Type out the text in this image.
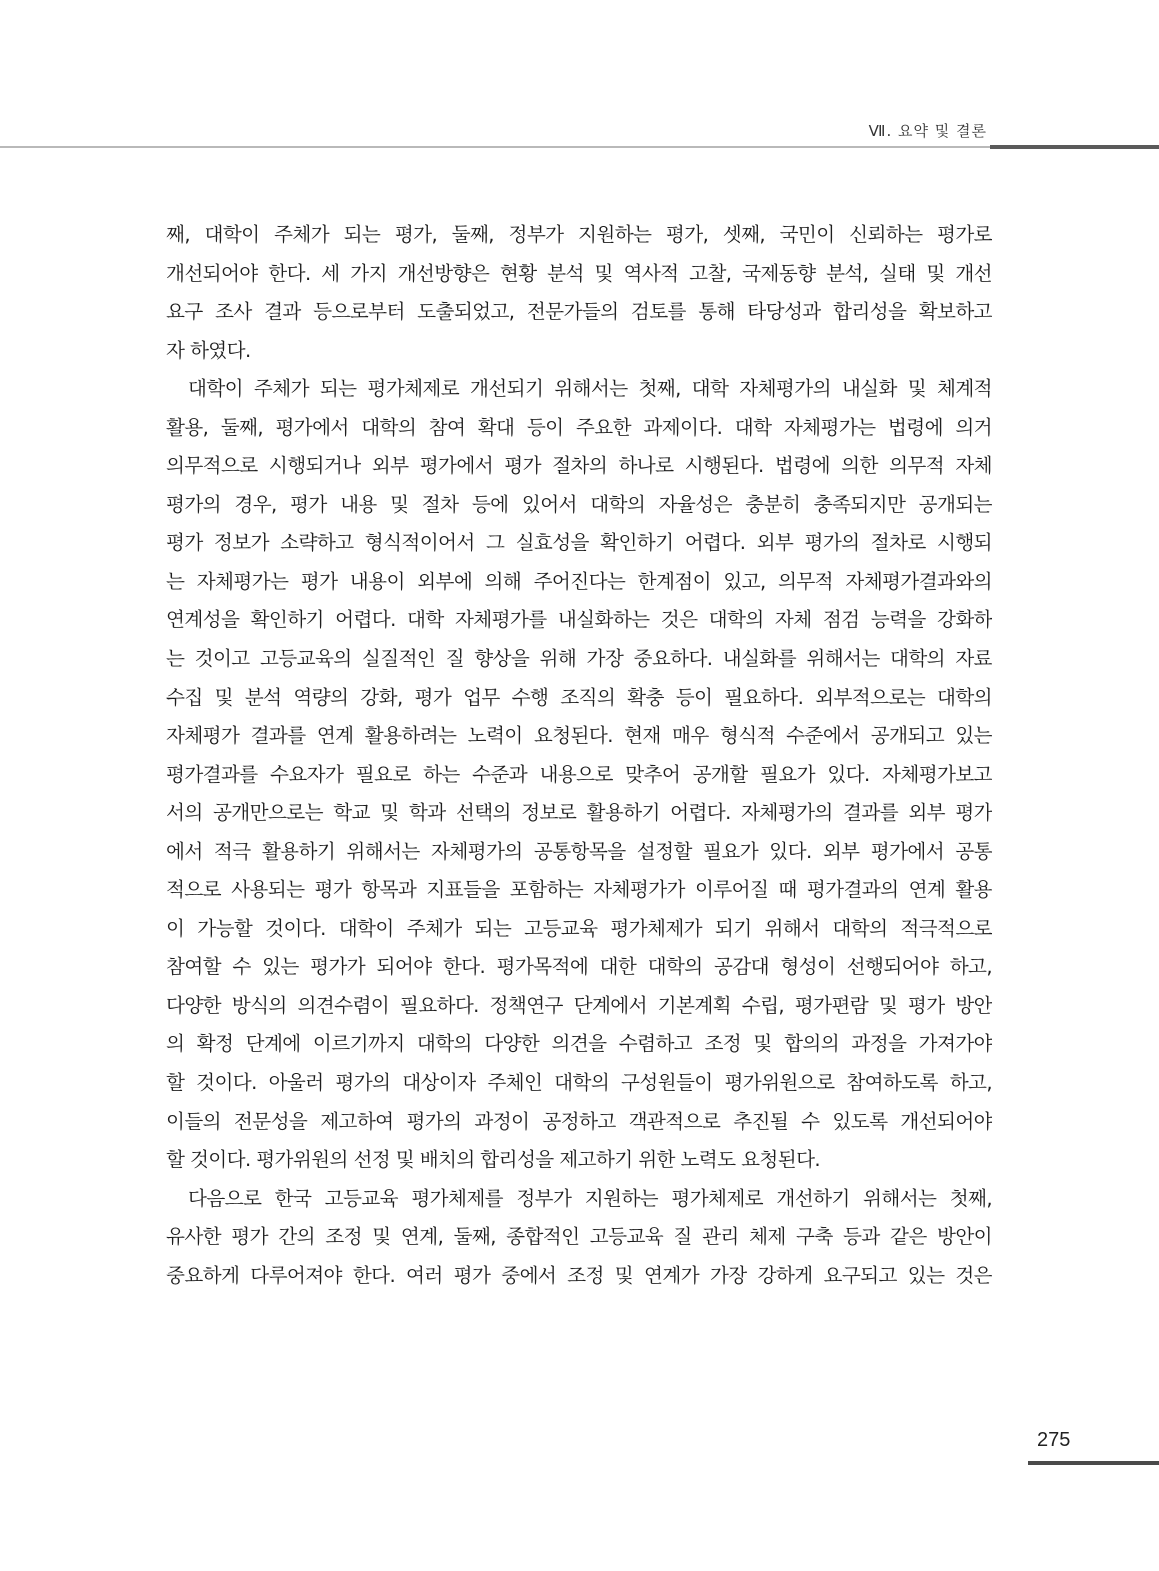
Ⅶ. 요약 및 결론
째, 대학이 주체가 되는 평가, 둘째, 정부가 지원하는 평가, 셋째, 국민이 신뢰하는 평가로
개선되어야 한다. 세 가지 개선방향은 현황 분석 및 역사적 고찰, 국제동향 분석, 실태 및 개선
요구 조사 결과 등으로부터 도출되었고, 전문가들의 검토를 통해 타당성과 합리성을 확보하고
자 하였다.
대학이 주체가 되는 평가체제로 개선되기 위해서는 첫째, 대학 자체평가의 내실화 및 체계적
활용, 둘째, 평가에서 대학의 참여 확대 등이 주요한 과제이다. 대학 자체평가는 법령에 의거
의무적으로 시행되거나 외부 평가에서 평가 절차의 하나로 시행된다. 법령에 의한 의무적 자체
평가의 경우, 평가 내용 및 절차 등에 있어서 대학의 자율성은 충분히 충족되지만 공개되는
평가 정보가 소략하고 형식적이어서 그 실효성을 확인하기 어렵다. 외부 평가의 절차로 시행되
는 자체평가는 평가 내용이 외부에 의해 주어진다는 한계점이 있고, 의무적 자체평가결과와의
연계성을 확인하기 어렵다. 대학 자체평가를 내실화하는 것은 대학의 자체 점검 능력을 강화하
는 것이고 고등교육의 실질적인 질 향상을 위해 가장 중요하다. 내실화를 위해서는 대학의 자료
수집 및 분석 역량의 강화, 평가 업무 수행 조직의 확충 등이 필요하다. 외부적으로는 대학의
자체평가 결과를 연계 활용하려는 노력이 요청된다. 현재 매우 형식적 수준에서 공개되고 있는
평가결과를 수요자가 필요로 하는 수준과 내용으로 맞추어 공개할 필요가 있다. 자체평가보고
서의 공개만으로는 학교 및 학과 선택의 정보로 활용하기 어렵다. 자체평가의 결과를 외부 평가
에서 적극 활용하기 위해서는 자체평가의 공통항목을 설정할 필요가 있다. 외부 평가에서 공통
적으로 사용되는 평가 항목과 지표들을 포함하는 자체평가가 이루어질 때 평가결과의 연계 활용
이 가능할 것이다. 대학이 주체가 되는 고등교육 평가체제가 되기 위해서 대학의 적극적으로
참여할 수 있는 평가가 되어야 한다. 평가목적에 대한 대학의 공감대 형성이 선행되어야 하고,
다양한 방식의 의견수렴이 필요하다. 정책연구 단계에서 기본계획 수립, 평가편람 및 평가 방안
의 확정 단계에 이르기까지 대학의 다양한 의견을 수렴하고 조정 및 합의의 과정을 가져가야
할 것이다. 아울러 평가의 대상이자 주체인 대학의 구성원들이 평가위원으로 참여하도록 하고,
이들의 전문성을 제고하여 평가의 과정이 공정하고 객관적으로 추진될 수 있도록 개선되어야
할 것이다. 평가위원의 선정 및 배치의 합리성을 제고하기 위한 노력도 요청된다.
다음으로 한국 고등교육 평가체제를 정부가 지원하는 평가체제로 개선하기 위해서는 첫째,
유사한 평가 간의 조정 및 연계, 둘째, 종합적인 고등교육 질 관리 체제 구축 등과 같은 방안이
중요하게 다루어져야 한다. 여러 평가 중에서 조정 및 연계가 가장 강하게 요구되고 있는 것은
275
